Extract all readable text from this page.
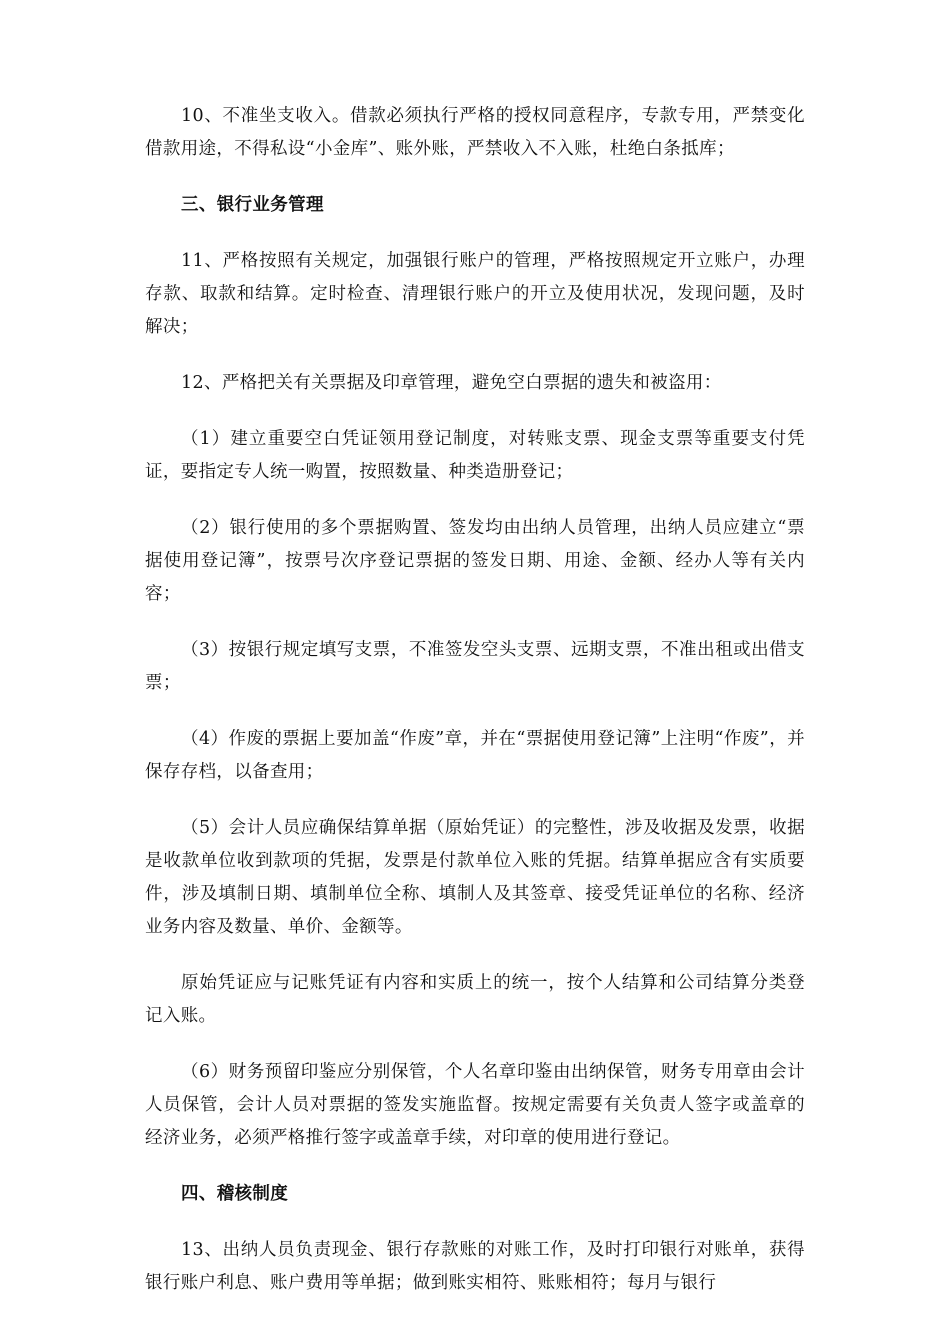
10、不准坐支收入。借款必须执行严格的授权同意程序，专款专用，严禁变化借款用途，不得私设“小金库”、账外账，严禁收入不入账，杜绝白条抵库；

三、银行业务管理

11、严格按照有关规定，加强银行账户的管理，严格按照规定开立账户，办理存款、取款和结算。定时检查、清理银行账户的开立及使用状况，发现问题，及时解决；

12、严格把关有关票据及印章管理，避免空白票据的遗失和被盗用：

（1）建立重要空白凭证领用登记制度，对转账支票、现金支票等重要支付凭证，要指定专人统一购置，按照数量、种类造册登记；

（2）银行使用的多个票据购置、签发均由出纳人员管理，出纳人员应建立“票据使用登记簿”，按票号次序登记票据的签发日期、用途、金额、经办人等有关内容；

（3）按银行规定填写支票，不准签发空头支票、远期支票，不准出租或出借支票；

（4）作废的票据上要加盖“作废”章，并在“票据使用登记簿”上注明“作废”，并保存存档，以备查用；

（5）会计人员应确保结算单据（原始凭证）的完整性，涉及收据及发票，收据是收款单位收到款项的凭据，发票是付款单位入账的凭据。结算单据应含有实质要件，涉及填制日期、填制单位全称、填制人及其签章、接受凭证单位的名称、经济业务内容及数量、单价、金额等。

原始凭证应与记账凭证有内容和实质上的统一，按个人结算和公司结算分类登记入账。

（6）财务预留印鉴应分别保管，个人名章印鉴由出纳保管，财务专用章由会计人员保管，会计人员对票据的签发实施监督。按规定需要有关负责人签字或盖章的经济业务，必须严格推行签字或盖章手续，对印章的使用进行登记。

四、稽核制度

13、出纳人员负责现金、银行存款账的对账工作，及时打印银行对账单，获得银行账户利息、账户费用等单据；做到账实相符、账账相符；每月与银行
